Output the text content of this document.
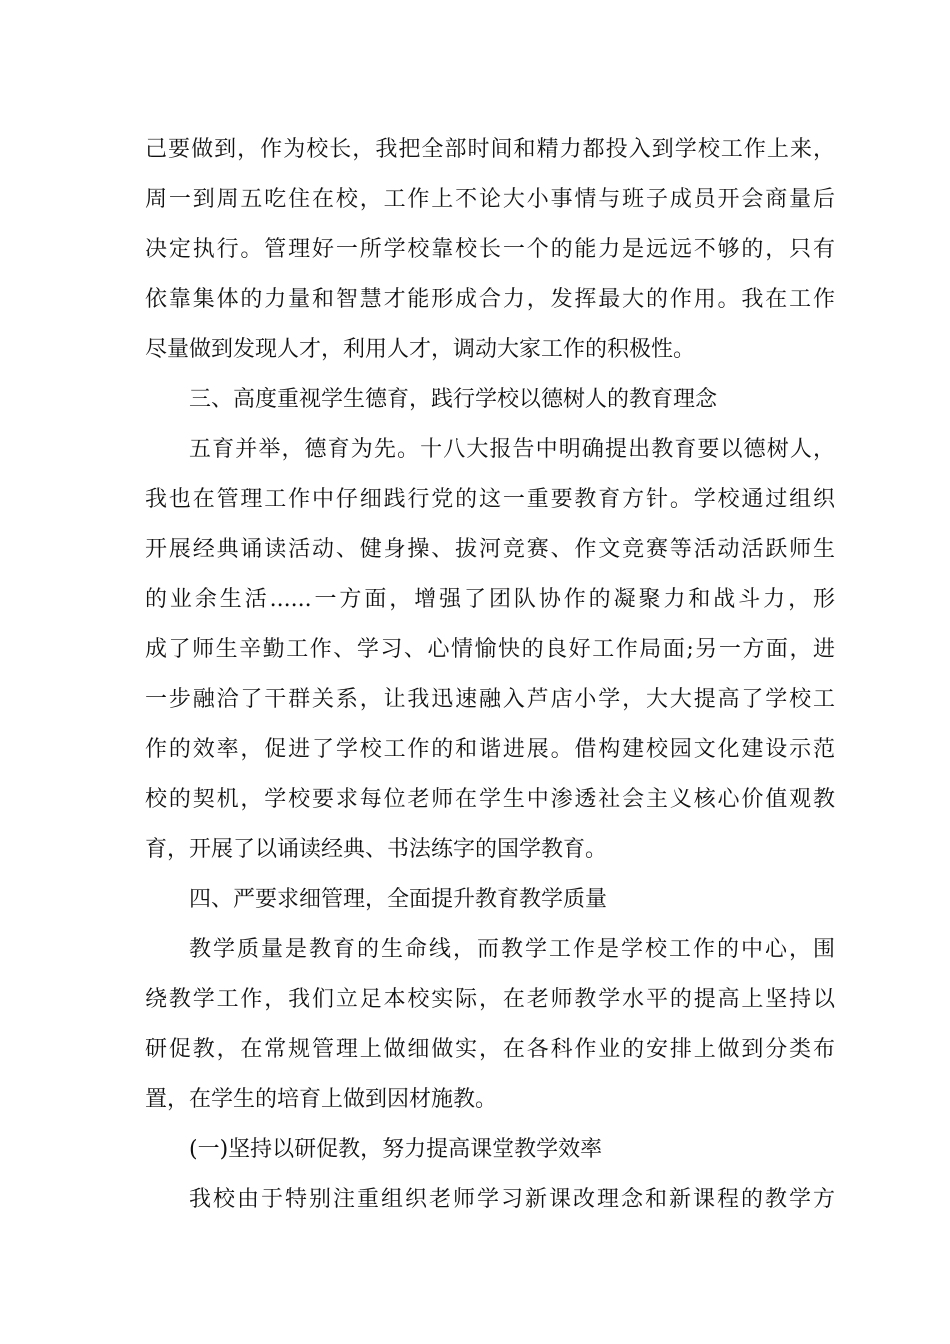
己要做到，作为校长，我把全部时间和精力都投入到学校工作上来，
周一到周五吃住在校，工作上不论大小事情与班子成员开会商量后
决定执行。管理好一所学校靠校长一个的能力是远远不够的，只有
依靠集体的力量和智慧才能形成合力，发挥最大的作用。我在工作
尽量做到发现人才，利用人才，调动大家工作的积极性。
三、高度重视学生德育，践行学校以德树人的教育理念
五育并举，德育为先。十八大报告中明确提出教育要以德树人，
我也在管理工作中仔细践行党的这一重要教育方针。学校通过组织
开展经典诵读活动、健身操、拔河竞赛、作文竞赛等活动活跃师生
的业余生活......一方面，增强了团队协作的凝聚力和战斗力，形
成了师生辛勤工作、学习、心情愉快的良好工作局面;另一方面，进
一步融洽了干群关系，让我迅速融入芦店小学，大大提高了学校工
作的效率，促进了学校工作的和谐进展。借构建校园文化建设示范
校的契机，学校要求每位老师在学生中渗透社会主义核心价值观教
育，开展了以诵读经典、书法练字的国学教育。
四、严要求细管理，全面提升教育教学质量
教学质量是教育的生命线，而教学工作是学校工作的中心，围
绕教学工作，我们立足本校实际，在老师教学水平的提高上坚持以
研促教，在常规管理上做细做实，在各科作业的安排上做到分类布
置，在学生的培育上做到因材施教。
(一)坚持以研促教，努力提高课堂教学效率
我校由于特别注重组织老师学习新课改理念和新课程的教学方
